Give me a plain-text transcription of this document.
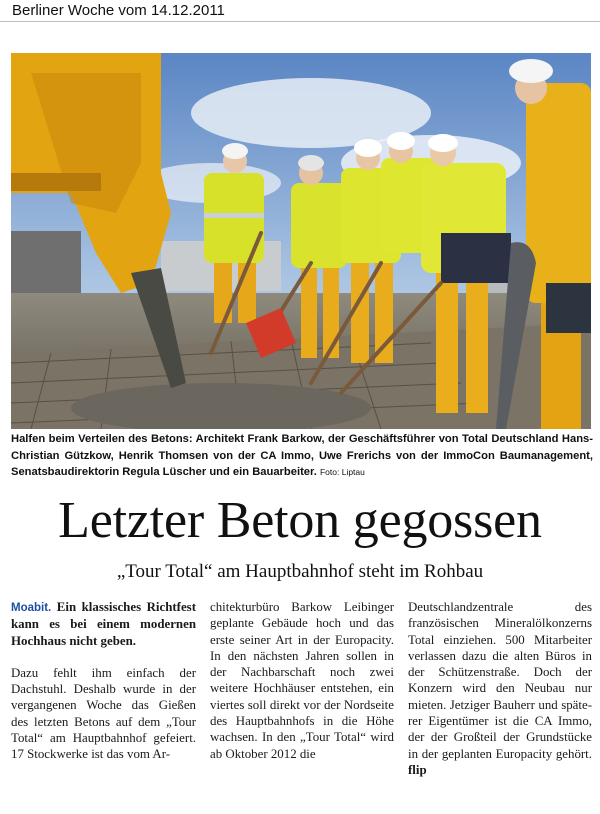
Berliner Woche vom 14.12.2011
Halfen beim Verteilen des Betons: Architekt Frank Barkow, der Geschäftsführer von Total Deutschland Hans-Christian Gützkow, Henrik Thomsen von der CA Immo, Uwe Frerichs von der ImmoCon Baumanagement, Senatsbaudirektorin Regula Lüscher und ein Bauarbeiter. Foto: Liptau
Letzter Beton gegossen
„Tour Total“ am Hauptbahnhof steht im Rohbau

Moabit. Ein klassisches Richtfest kann es bei einem modernen Hochhaus nicht geben.

Dazu fehlt ihm einfach der Dachstuhl. Deshalb wurde in der vergangenen Woche das Gießen des letzten Betons auf dem „Tour Total“ am Hauptbahnhof gefeiert. 17 Stockwerke ist das vom Ar-

chitekturbüro Barkow Leibinger geplante Gebäude hoch und das erste seiner Art in der Europacity. In den nächsten Jahren sollen in der Nachbarschaft noch zwei weitere Hochhäuser entstehen, ein viertes soll direkt vor der Nordseite des Hauptbahnhofs in die Höhe wachsen. In den „Tour Total“ wird ab Oktober 2012 die

Deutschlandzentrale des französischen Mineralölkonzerns Total einziehen. 500 Mitarbeiter verlassen dazu die alten Büros in der Schützenstraße. Doch der Konzern wird den Neubau nur mieten. Jetziger Bauherr und späterer Eigentümer ist die CA Immo, der der Großteil der Grundstücke in der geplanten Europacity gehört. flip
